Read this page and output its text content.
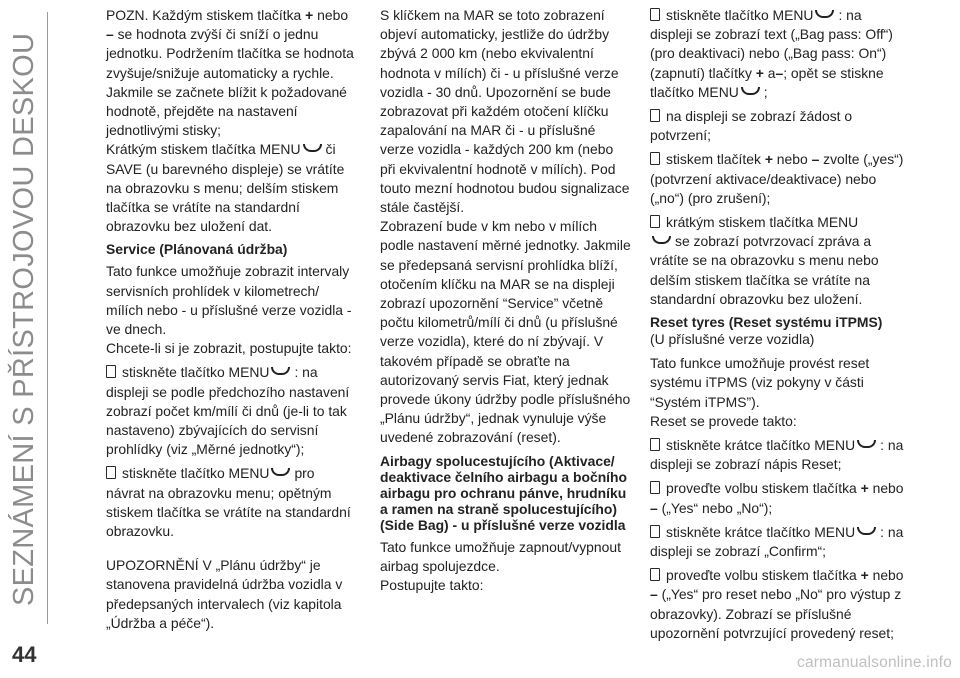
SEZNÁMENÍ S PŘÍSTROJOVOU DESKOU
44	carmanualsonline.info

POZN. Každým stiskem tlačítka + nebo
– se hodnota zvýší či sníží o jednu jednotku. Podržením tlačítka se hodnota zvyšuje/snižuje automaticky a rychle. Jakmile se začnete blížit k požadované hodnotě, přejděte na nastavení jednotlivými stisky;
Krátkým stiskem tlačítka MENU či SAVE (u barevného displeje) se vrátíte na obrazovku s menu; delším stiskem tlačítka se vrátíte na standardní obrazovku bez uložení dat.

Service (Plánovaná údržba)

Tato funkce umožňuje zobrazit intervaly servisních prohlídek v kilometrech/ mílích nebo - u příslušné verze vozidla - ve dnech.
Chcete-li si je zobrazit, postupujte takto:

stiskněte tlačítko MENU : na displeji se podle předchozího nastavení zobrazí počet km/mílí či dnů (je-li to tak nastaveno) zbývajících do servisní prohlídky (viz „Měrné jednotky“);

stiskněte tlačítko MENU pro návrat na obrazovku menu; opětným stiskem tlačítka se vrátíte na standardní obrazovku.

UPOZORNĚNÍ V „Plánu údržby“ je stanovena pravidelná údržba vozidla v předepsaných intervalech (viz kapitola „Údržba a péče“).

S klíčkem na MAR se toto zobrazení objeví automaticky, jestliže do údržby zbývá 2 000 km (nebo ekvivalentní hodnota v mílích) či - u příslušné verze vozidla - 30 dnů. Upozornění se bude zobrazovat při každém otočení klíčku zapalování na MAR či - u příslušné verze vozidla - každých 200 km (nebo při ekvivalentní hodnotě v mílích). Pod touto mezní hodnotou budou signalizace stále častější.
Zobrazení bude v km nebo v mílích podle nastavení měrné jednotky. Jakmile se předepsaná servisní prohlídka blíží, otočením klíčku na MAR se na displeji zobrazí upozornění “Service” včetně počtu kilometrů/mílí či dnů (u příslušné verze vozidla), které do ní zbývají. V takovém případě se obraťte na autorizovaný servis Fiat, který jednak provede úkony údržby podle příslušného „Plánu údržby“, jednak vynuluje výše uvedené zobrazování (reset).

Airbagy spolucestujícího (Aktivace/ deaktivace čelního airbagu a bočního airbagu pro ochranu pánve, hrudníku a ramen na straně spolucestujícího) (Side Bag) - u příslušné verze vozidla

Tato funkce umožňuje zapnout/vypnout airbag spolujezdce.
Postupujte takto:

stiskněte tlačítko MENU : na displeji se zobrazí text („Bag pass: Off“) (pro deaktivaci) nebo („Bag pass: On“) (zapnutí) tlačítky + a–; opět se stiskne tlačítko MENU ;

na displeji se zobrazí žádost o potvrzení;

stiskem tlačítek + nebo – zvolte („yes“) (potvrzení aktivace/deaktivace) nebo („no“) (pro zrušení);

krátkým stiskem tlačítka MENU
se zobrazí potvrzovací zpráva a vrátíte se na obrazovku s menu nebo delším stiskem tlačítka se vrátíte na standardní obrazovku bez uložení.

Reset tyres (Reset systému iTPMS)

(U příslušné verze vozidla)

Tato funkce umožňuje provést reset systému iTPMS (viz pokyny v části “Systém iTPMS”).
Reset se provede takto:

stiskněte krátce tlačítko MENU : na displeji se zobrazí nápis Reset;

proveďte volbu stiskem tlačítka + nebo – („Yes“ nebo „No“);

stiskněte krátce tlačítko MENU : na displeji se zobrazí „Confirm“;

proveďte volbu stiskem tlačítka + nebo – („Yes“ pro reset nebo „No“ pro výstup z obrazovky). Zobrazí se příslušné upozornění potvrzující provedený reset;
